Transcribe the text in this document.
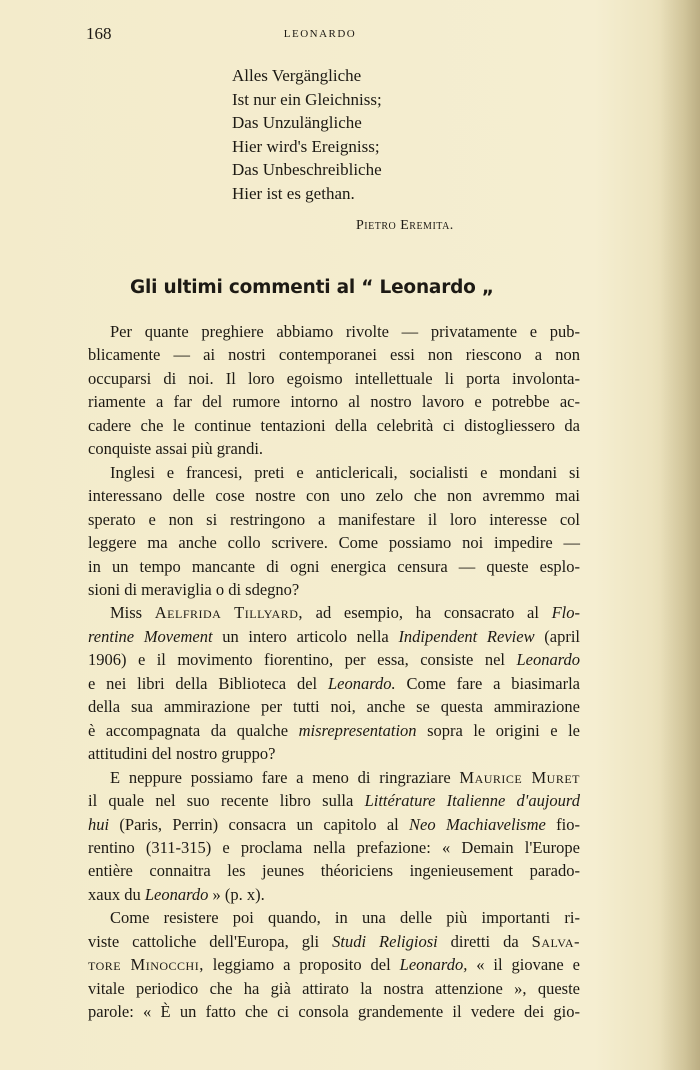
168	LEONARDO
Alles Vergängliche
Ist nur ein Gleichniss;
Das Unzulängliche
Hier wird's Ereigniss;
Das Unbeschreibliche
Hier ist es gethan.
Pietro Eremita.
Gli ultimi commenti al “ Leonardo „

Per quante preghiere abbiamo rivolte — privatamente e pub-
blicamente — ai nostri contemporanei essi non riescono a non
occuparsi di noi. Il loro egoismo intellettuale li porta involonta-
riamente a far del rumore intorno al nostro lavoro e potrebbe ac-
cadere che le continue tentazioni della celebrità ci distogliessero da
conquiste assai più grandi.

Inglesi e francesi, preti e anticlericali, socialisti e mondani si
interessano delle cose nostre con uno zelo che non avremmo mai
sperato e non si restringono a manifestare il loro interesse col
leggere ma anche collo scrivere. Come possiamo noi impedire —
in un tempo mancante di ogni energica censura — queste esplo-
sioni di meraviglia o di sdegno?

Miss Aelfrida Tillyard, ad esempio, ha consacrato al Flo-
rentine Movement un intero articolo nella Indipendent Review (april
1906) e il movimento fiorentino, per essa, consiste nel Leonardo
e nei libri della Biblioteca del Leonardo. Come fare a biasimarla
della sua ammirazione per tutti noi, anche se questa ammirazione
è accompagnata da qualche misrepresentation sopra le origini e le
attitudini del nostro gruppo?

E neppure possiamo fare a meno di ringraziare Maurice Muret
il quale nel suo recente libro sulla Littérature Italienne d'aujourd
hui (Paris, Perrin) consacra un capitolo al Neo Machiavelisme fio-
rentino (311-315) e proclama nella prefazione: « Demain l'Europe
entière connaitra les jeunes théoriciens ingenieusement parado-
xaux du Leonardo » (p. x).

Come resistere poi quando, in una delle più importanti ri-
viste cattoliche dell'Europa, gli Studi Religiosi diretti da Salva-
tore Minocchi, leggiamo a proposito del Leonardo, « il giovane e
vitale periodico che ha già attirato la nostra attenzione », queste
parole: « È un fatto che ci consola grandemente il vedere dei gio-
